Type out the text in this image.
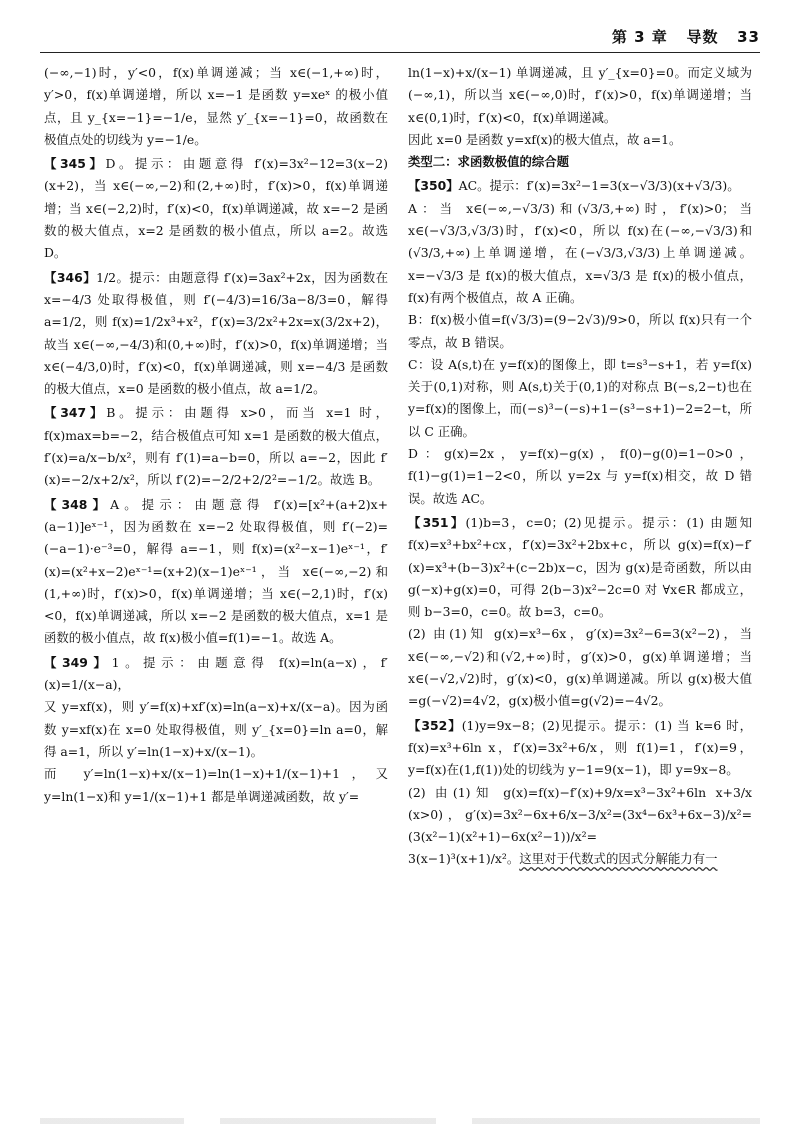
第 3 章 导数 33

(−∞,−1)时，y′<0，f(x)单调递减；当 x∈(−1,+∞)时，y′>0，f(x)单调递增，所以 x=−1 是函数 y=xeˣ 的极小值点，且 y_{x=−1}=−1/e，显然 y′_{x=−1}=0，故函数在极值点处的切线为 y=−1/e。

【345】D。提示：由题意得 f′(x)=3x²−12=3(x−2)(x+2)，当 x∈(−∞,−2)和(2,+∞)时，f′(x)>0，f(x)单调递增；当 x∈(−2,2)时，f′(x)<0，f(x)单调递减，故 x=−2 是函数的极大值点，x=2 是函数的极小值点，所以 a=2。故选 D。

【346】1/2。提示：由题意得 f′(x)=3ax²+2x，因为函数在 x=−4/3 处取得极值，则 f′(−4/3)=16/3a−8/3=0，解得 a=1/2，则 f(x)=1/2x³+x²，f′(x)=3/2x²+2x=x(3/2x+2)，故当 x∈(−∞,−4/3)和(0,+∞)时，f′(x)>0，f(x)单调递增；当 x∈(−4/3,0)时，f′(x)<0，f(x)单调递减，则 x=−4/3 是函数的极大值点，x=0 是函数的极小值点，故 a=1/2。

【347】B。提示：由题得 x>0，而当 x=1 时，f(x)max=b=−2，结合极值点可知 x=1 是函数的极大值点，f′(x)=a/x−b/x²，则有 f′(1)=a−b=0，所以 a=−2，因此 f′(x)=−2/x+2/x²，所以 f′(2)=−2/2+2/2²=−1/2。故选 B。

【348】A。提示：由题意得 f′(x)=[x²+(a+2)x+(a−1)]eˣ⁻¹，因为函数在 x=−2 处取得极值，则 f′(−2)=(−a−1)·e⁻³=0，解得 a=−1，则 f(x)=(x²−x−1)eˣ⁻¹，f′(x)=(x²+x−2)eˣ⁻¹=(x+2)(x−1)eˣ⁻¹，当 x∈(−∞,−2)和(1,+∞)时，f′(x)>0，f(x)单调递增；当 x∈(−2,1)时，f′(x)<0，f(x)单调递减，所以 x=−2 是函数的极大值点，x=1 是函数的极小值点，故 f(x)极小值=f(1)=−1。故选 A。

【349】1。提示：由题意得 f(x)=ln(a−x)，f′(x)=1/(x−a)，

又 y=xf(x)，则 y′=f(x)+xf′(x)=ln(a−x)+x/(x−a)。因为函数 y=xf(x)在 x=0 处取得极值，则 y′_{x=0}=ln a=0，解得 a=1，所以 y′=ln(1−x)+x/(x−1)。

而 y′=ln(1−x)+x/(x−1)=ln(1−x)+1/(x−1)+1，又 y=ln(1−x)和 y=1/(x−1)+1 都是单调递减函数，故 y′=

ln(1−x)+x/(x−1) 单调递减，且 y′_{x=0}=0。而定义域为(−∞,1)，所以当 x∈(−∞,0)时，f′(x)>0，f(x)单调递增；当 x∈(0,1)时，f′(x)<0，f(x)单调递减。

因此 x=0 是函数 y=xf(x)的极大值点，故 a=1。

类型二：求函数极值的综合题

【350】AC。提示：f′(x)=3x²−1=3(x−√3/3)(x+√3/3)。

A：当 x∈(−∞,−√3/3)和(√3/3,+∞)时，f′(x)>0；当 x∈(−√3/3,√3/3)时，f′(x)<0，所以 f(x)在(−∞,−√3/3)和(√3/3,+∞)上单调递增，在(−√3/3,√3/3)上单调递减。x=−√3/3 是 f(x)的极大值点，x=√3/3 是 f(x)的极小值点，f(x)有两个极值点，故 A 正确。

B：f(x)极小值=f(√3/3)=(9−2√3)/9>0，所以 f(x)只有一个零点，故 B 错误。

C：设 A(s,t)在 y=f(x)的图像上，即 t=s³−s+1，若 y=f(x)关于(0,1)对称，则 A(s,t)关于(0,1)的对称点 B(−s,2−t)也在 y=f(x)的图像上，而(−s)³−(−s)+1−(s³−s+1)−2=2−t，所以 C 正确。

D：g(x)=2x，y=f(x)−g(x)，f(0)−g(0)=1−0>0，f(1)−g(1)=1−2<0，所以 y=2x 与 y=f(x)相交，故 D 错误。故选 AC。

【351】(1)b=3，c=0；(2)见提示。提示：(1) 由题知 f(x)=x³+bx²+cx，f′(x)=3x²+2bx+c，所以 g(x)=f(x)−f′(x)=x³+(b−3)x²+(c−2b)x−c，因为 g(x)是奇函数，所以由 g(−x)+g(x)=0，可得 2(b−3)x²−2c=0 对 ∀x∈R 都成立，则 b−3=0，c=0。故 b=3，c=0。

(2) 由(1)知 g(x)=x³−6x，g′(x)=3x²−6=3(x²−2)，当 x∈(−∞,−√2)和(√2,+∞)时，g′(x)>0，g(x)单调递增；当 x∈(−√2,√2)时，g′(x)<0，g(x)单调递减。所以 g(x)极大值=g(−√2)=4√2，g(x)极小值=g(√2)=−4√2。

【352】(1)y=9x−8；(2)见提示。提示：(1) 当 k=6 时，f(x)=x³+6ln x，f′(x)=3x²+6/x，则 f(1)=1，f′(x)=9，y=f(x)在(1,f(1))处的切线为 y−1=9(x−1)，即 y=9x−8。

(2) 由(1)知 g(x)=f(x)−f′(x)+9/x=x³−3x²+6ln x+3/x (x>0)，g′(x)=3x²−6x+6/x−3/x²=(3x⁴−6x³+6x−3)/x²=(3(x²−1)(x²+1)−6x(x²−1))/x²=

3(x−1)³(x+1)/x²。这里对于代数式的因式分解能力有一
